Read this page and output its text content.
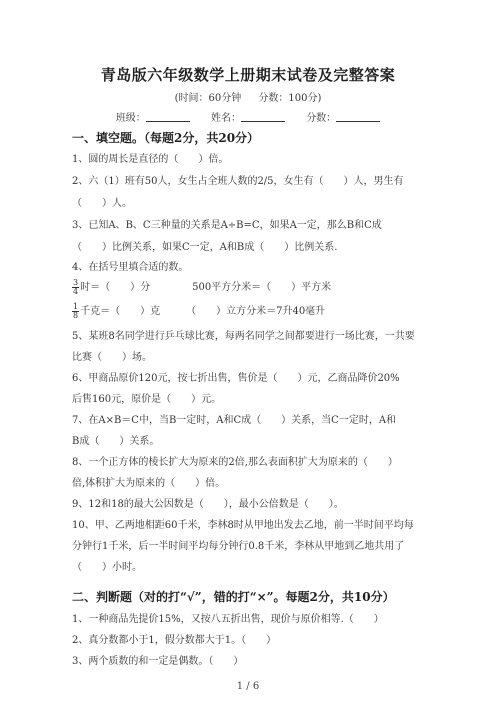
青岛版六年级数学上册期末试卷及完整答案
(时间：60分钟 分数：100分)
班级：	姓名：	分数：
一、填空题。（每题2分，共20分）
1、圆的周长是直径的（　　）倍。
2、六（1）班有50人，女生占全班人数的2/5，女生有（　　）人，男生有
（　　）人。
3、已知A、B、C三种量的关系是A÷B=C，如果A一定，那么B和C成
（　　）比例关系，如果C一定，A和B成（　　）比例关系.
4、在括号里填合适的数。
$\frac{3}{4}$ 时＝（　　）分	500平方分米＝（　　）平方米
$\frac{1}{8}$ 千克＝（　　）克	（　　）立方分米＝7升40毫升
5、某班8名同学进行乒乓球比赛，每两名同学之间都要进行一场比赛，一共要
比赛（　　）场。
6、甲商品原价120元，按七折出售，售价是（　　）元，乙商品降价20%
后售160元，原价是（　　）元。
7、在A×B＝C中，当B一定时，A和C成（　　）关系，当C一定时，A和
B成（　　）关系。
8、一个正方体的棱长扩大为原来的2倍,那么表面积扩大为原来的（　　）
倍,体积扩大为原来的（　　）倍。
9、12和18的最大公因数是（　　），最小公倍数是（　　）。
10、甲、乙两地相距60千米，李林8时从甲地出发去乙地，前一半时间平均每
分钟行1千米，后一半时间平均每分钟行0.8千米，李林从甲地到乙地共用了
（　　）小时。
二、判断题（对的打“√”，错的打“×”。每题2分，共10分）
1、一种商品先提价15%，又按八五折出售，现价与原价相等.（　　）
2、真分数都小于1，假分数都大于1。（　　）
3、两个质数的和一定是偶数。（　　）
1 / 6
